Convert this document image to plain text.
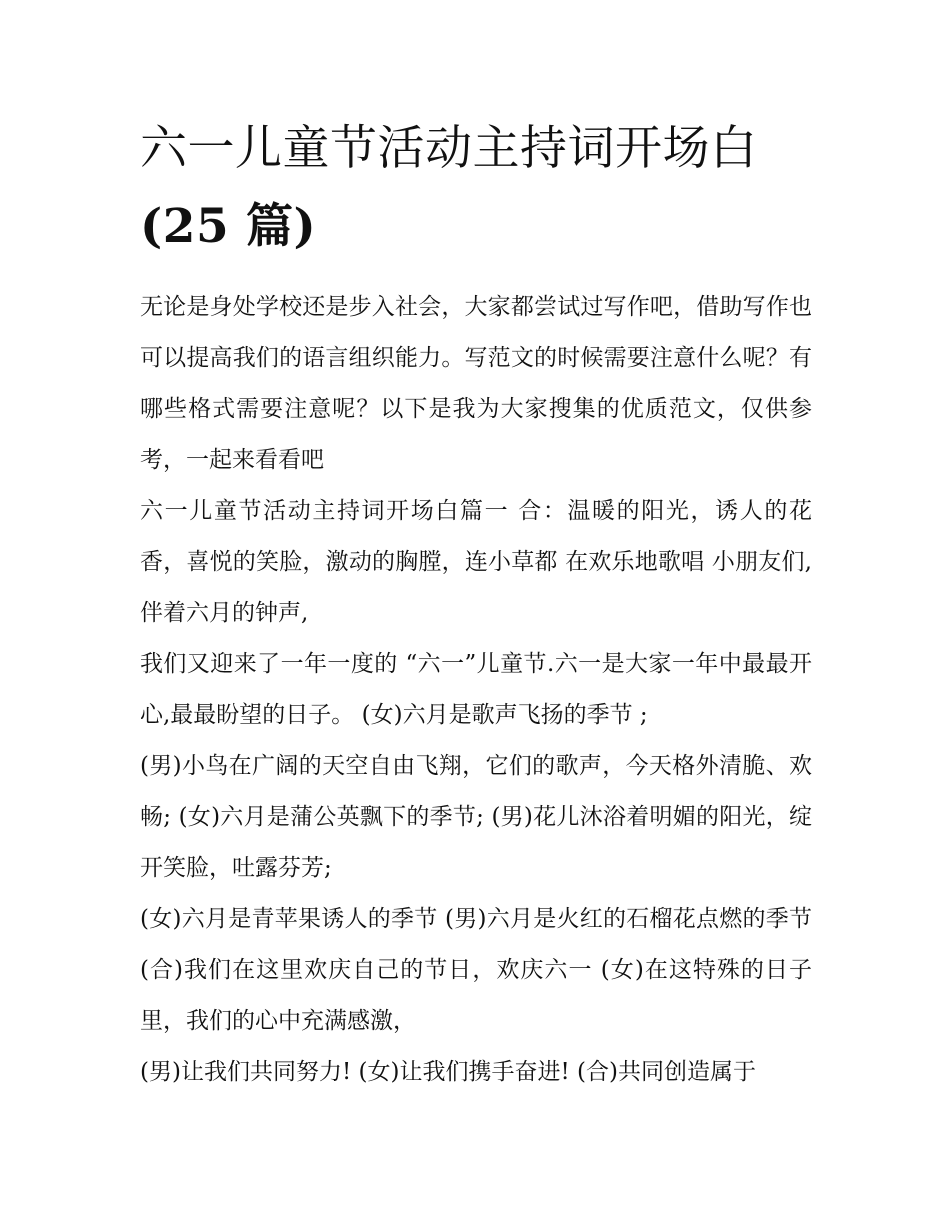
六一儿童节活动主持词开场白
(25 篇)

无论是身处学校还是步入社会，大家都尝试过写作吧，借助写作也可以提高我们的语言组织能力。写范文的时候需要注意什么呢？有哪些格式需要注意呢？以下是我为大家搜集的优质范文，仅供参考，一起来看看吧

六一儿童节活动主持词开场白篇一 合：温暖的阳光，诱人的花香，喜悦的笑脸，激动的胸膛，连小草都 在欢乐地歌唱 小朋友们,伴着六月的钟声,

我们又迎来了一年一度的 “六一”儿童节.六一是大家一年中最最开心,最最盼望的日子。 (女)六月是歌声飞扬的季节 ;

(男)小鸟在广阔的天空自由飞翔，它们的歌声，今天格外清脆、欢 畅; (女)六月是蒲公英飘下的季节; (男)花儿沐浴着明媚的阳光，绽开笑脸，吐露芬芳;

(女)六月是青苹果诱人的季节 (男)六月是火红的石榴花点燃的季节 (合)我们在这里欢庆自己的节日，欢庆六一 (女)在这特殊的日子里，我们的心中充满感激，

(男)让我们共同努力! (女)让我们携手奋进! (合)共同创造属于
